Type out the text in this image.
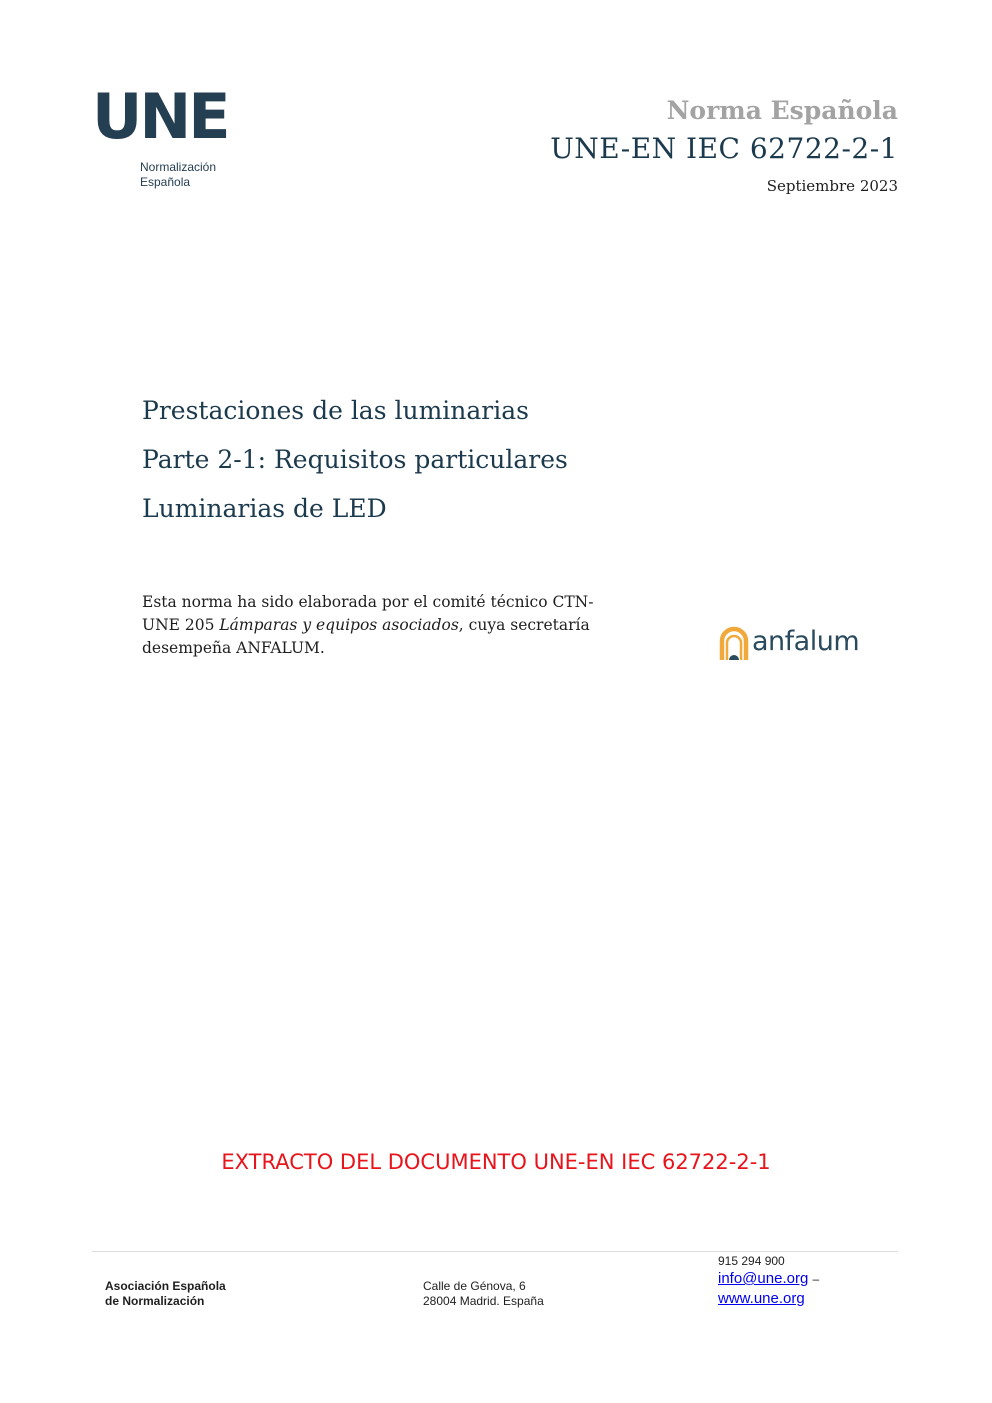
UNE
Normalización
Española
Norma Española
UNE-EN IEC 62722-2-1
Septiembre 2023
Prestaciones de las luminarias
Parte 2-1: Requisitos particulares
Luminarias de LED
Esta norma ha sido elaborada por el comité técnico CTN-UNE 205 Lámparas y equipos asociados, cuya secretaría desempeña ANFALUM.	anfalum
EXTRACTO DEL DOCUMENTO UNE-EN IEC 62722-2-1
Asociación Española
de Normalización
Calle de Génova, 6
28004 Madrid. España
915 294 900
info@une.org –
www.une.org
